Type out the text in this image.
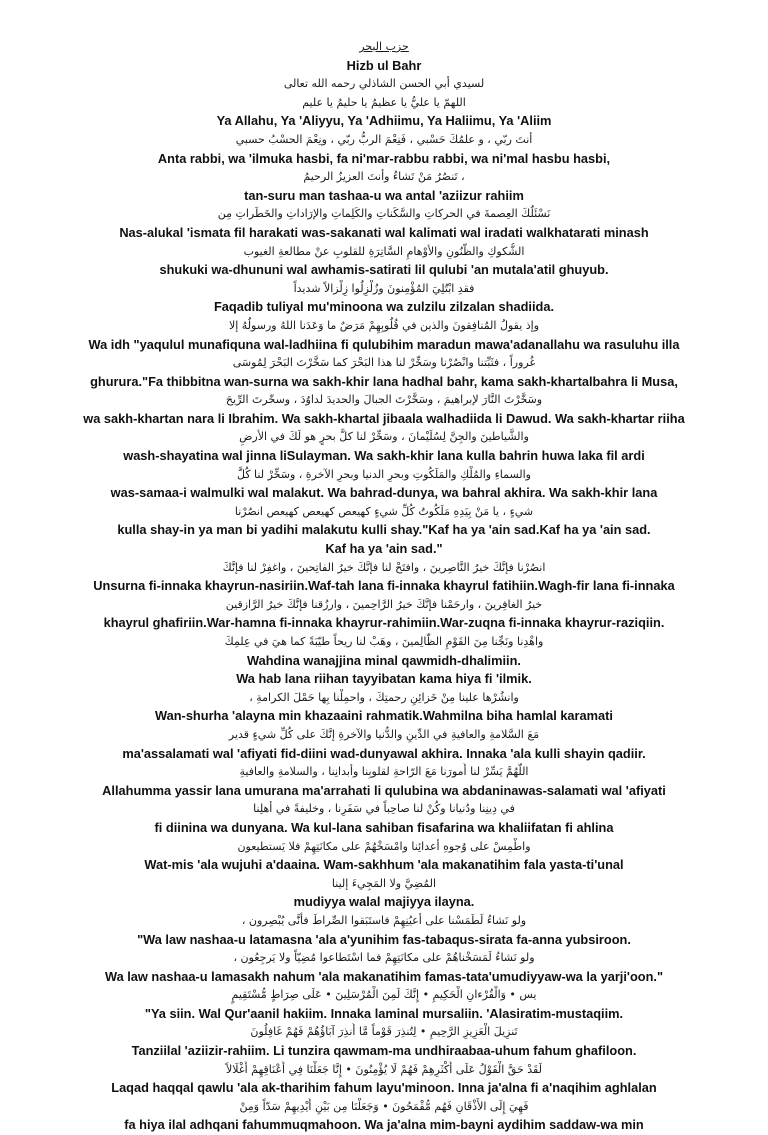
حزب البحر
Hizb ul Bahr
لسيدي أبي الحسن الشاذلي رحمه الله تعالى
اللهمّ يا عليُّ يا عظيمُ يا حليمُ يا عليم
Ya Allahu, Ya 'Aliyyu, Ya 'Adhiimu, Ya Haliimu, Ya 'Aliim
أنتَ ربّي ، و علمُكَ حَسْبي ، فَنِعْمَ الربُّ ربّي ، ونِعْمَ الحسْبُ حسبي
Anta rabbi, wa 'ilmuka hasbi, fa ni'mar-rabbu rabbi, wa ni'mal hasbu hasbi,
، تَنصُرُ مَنْ تَشاءُ وأنتَ العزيزُ الرحيمُ
tan-suru man tashaa-u wa antal 'aziizur rahiim
نَسْئَلُكَ العِصمةَ في الحركاتِ والسَّكَناتِ والكَلِماتِ والإرَاداتِ والخَطَراتِ مِن
Nas-alukal 'ismata fil harakati was-sakanati wal kalimati wal iradati walkhatarati minash
الشُّكوكِ والظُّنُونِ والأوْهامِ السَّاتِرَةِ للقلوبِ عنْ مطالعةِ الغيوب
shukuki wa-dhununi wal awhamis-satirati lil qulubi 'an mutala'atil ghuyub.
فقدِ ابْتُلِيَ المُؤْمِنونَ وزُلْزِلُوا زِلْزالاً شديداً
Faqadib tuliyal mu'minoona wa zulzilu zilzalan shadiida.
وإذ يقولُ المُنافِقونَ والذين في قُلُوبِهِمْ مَرَضٌ ما وَعَدَنا اللهُ ورسولُهُ إلا
Wa idh "yaqulul munafiquna wal-ladhiina fi qulubihim maradun mawa'adanallahu wa rasuluhu illa
غُروراً ، فثَبِّتنا وانْصُرْنا وسَخِّرْ لنا هذا البَحْرَ كما سَخَّرْتَ البَحْرَ لِمُوسَى
ghurura."Fa thibbitna wan-surna wa sakh-khir lana hadhal bahr, kama sakh-khartalbahra li Musa,
وسَخَّرْتَ النَّارَ لإبراهيمَ ، وسَخَّرْتَ الجبالَ والحديدَ لداوُدَ ، وسخّرتَ الرِّيحَ
wa sakh-khartan nara li Ibrahim. Wa sakh-khartal jibaala walhadiida li Dawud. Wa sakh-khartar riiha
والشَّياطينَ والجِنَّ لِسُلَيْمانَ ، وسَخِّرْ لنا كلَّ بحرٍ هو لَكَ في الأرضِ
wash-shayatina wal jinna liSulayman. Wa sakh-khir lana kulla bahrin huwa laka fil ardi
والسماءِ والمُلْكِ والمَلَكُوتِ وبحرِ الدنيا وبحرِ الآخرةِ ، وسَخِّرْ لنا كُلَّ
was-samaa-i walmulki wal malakut. Wa bahrad-dunya, wa bahral akhira. Wa sakh-khir lana
شيءٍ ، يا مَنْ بِيَدِهِ مَلَكُوتُ كُلِّ شيءٍ كهيعص كهيعص كهيعص انصُرْنا
kulla shay-in ya man bi yadihi malakutu kulli shay."Kaf ha ya 'ain sad.Kaf ha ya 'ain sad.
Kaf ha ya 'ain sad."
انصُرْنا فإنَّكَ خيرُ النَّاصِرينَ ، وافتَحْ لنا فإنَّكَ خيرُ الفاتِحينَ ، واغفِرْ لنا فإنَّكَ
Unsurna fi-innaka khayrun-nasiriin.Waf-tah lana fi-innaka khayrul fatihiin.Wagh-fir lana fi-innaka
خيرُ الغافِرينَ ، وارحَمْنا فإنَّكَ خيرُ الرَّاحِمينَ ، وارزُقنا فإنَّكَ خيرُ الرَّازقين
khayrul ghafiriin.War-hamna fi-innaka khayrur-rahimiin.War-zuqna fi-innaka khayrur-raziqiin.
واهْدِنا ونَجِّنا مِنَ القَوْمِ الظّالِمينَ ، وهَبْ لنا ريحاً طيّبَةً كما هيَ في عِلمِكَ
Wahdina wanajjina minal qawmidh-dhalimiin.
Wa hab lana riihan tayyibatan kama hiya fi 'ilmik.
وانشُرْها علينا مِنْ خَزائِنِ رحمتِكَ ، واحمِلْنا بِها حَمْلَ الكرامةِ ،
Wan-shurha 'alayna min khazaaini rahmatik.Wahmilna biha hamlal karamati
مَعَ السَّلامةِ والعافيةِ في الدِّينِ والدُّنيا والآخرةِ إنَّكَ على كُلِّ شيءٍ قدير
ma'assalamati wal 'afiyati fid-diini wad-dunyawal akhira. Innaka 'ala kulli shayin qadiir.
اللّهُمَّ يَسِّرْ لنا أُمورَنا مَعَ الرّاحةِ لقلوبِنا وأبدانِنا ، والسلامةِ والعافيةِ
Allahumma yassir lana umurana ma'arrahati li qulubina wa abdaninawas-salamati wal 'afiyati
في دِينِنا ودُنيانا وكُنْ لنا صاحِباً في سَفَرِنا ، وخليفةً في أهلِنا
fi diinina wa dunyana. Wa kul-lana sahiban fisafarina wa khaliifatan fi ahlina
واطْمِسْ على وُجوهِ أعدائِنا وامْسَخْهُمْ على مكانَتِهِمْ فلا يَستطيعون
Wat-mis 'ala wujuhi a'daaina. Wam-sakhhum 'ala makanatihim fala yasta-ti'unal
المُضِيَّ ولا المَجِيءَ إلينا
mudiyya walal majiyya ilayna.
ولو نَشاءُ لَطَمَسْنا على أعيُنِهِمْ فاستَبَقوا الصِّراطَ فأنَّى يُبْصِرون ،
"Wa law nashaa-u latamasna 'ala a'yunihim fas-tabaqus-sirata fa-anna yubsiroon.
ولو نَشاءُ لَمَسَخْناهُمْ على مكانَتِهِمْ فما اسْتَطاعوا مُضِيّاً ولا يَرجِعُون ،
Wa law nashaa-u lamasakh nahum 'ala makanatihim famas-tata'umudiyyaw-wa la yarji'oon."
يس • وَالْقُرْءانِ الْحَكِيمِ • إِنَّكَ لَمِنَ الْمُرْسَلِينَ • عَلَى صِرَاطٍ مُّسْتَقِيمٍ
"Ya siin. Wal Qur'aanil hakiim. Innaka laminal mursaliin. 'Alasiratim-mustaqiim.
تَنزِيلَ الْعَزِيزِ الرَّحِيمِ • لِتُنذِرَ قَوْماً مَّا أُنذِرَ آبَاؤُهُمْ فَهُمْ غَافِلُونَ
Tanziilal 'aziizir-rahiim. Li tunzira qawmam-ma undhiraabaa-uhum fahum ghafiloon.
لَقَدْ حَقَّ الْقَوْلُ عَلَى أَكْثَرِهِمْ فَهُمْ لَا يُؤْمِنُونَ • إِنَّا جَعَلْنَا فِي أَعْنَاقِهِمْ أَغْلَالاً
Laqad haqqal qawlu 'ala ak-tharihim fahum layu'minoon. Inna ja'alna fi a'naqihim aghlalan
فَهِيَ إِلَى الأَذْقَانِ فَهُم مُّقْمَحُونَ • وَجَعَلْنَا مِن بَيْنِ أَيْدِيهِمْ سَدّاً وَمِنْ
fa hiya ilal adhqani fahummuqmahoon. Wa ja'alna mim-bayni aydihim saddaw-wa min
